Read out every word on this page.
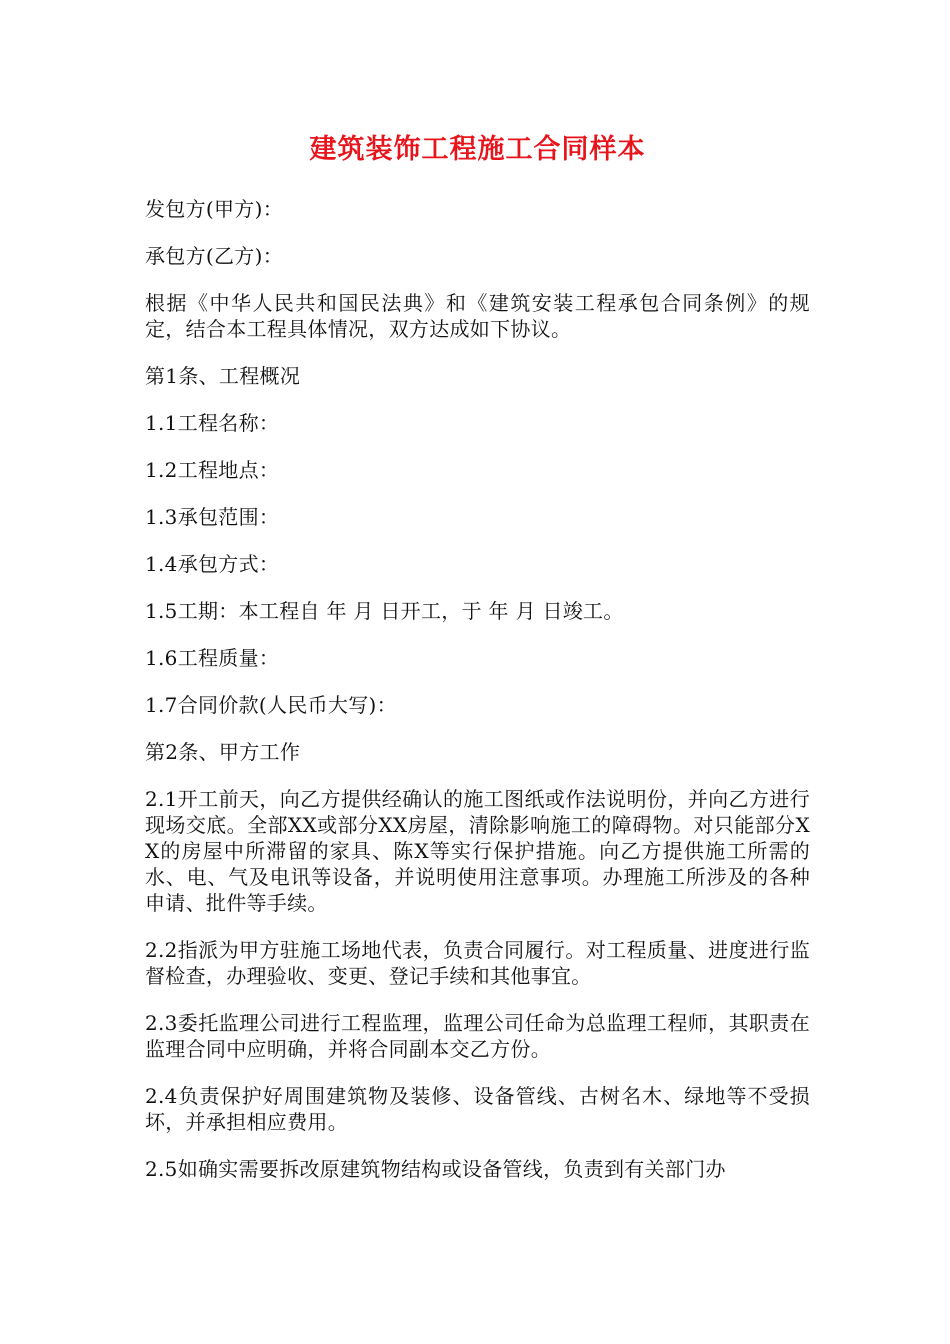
建筑装饰工程施工合同样本

发包方(甲方)：

承包方(乙方)：

根据《中华人民共和国民法典》和《建筑安装工程承包合同条例》的规定，结合本工程具体情况，双方达成如下协议。

第1条、工程概况

1.1工程名称：

1.2工程地点：

1.3承包范围：

1.4承包方式：

1.5工期：本工程自 年 月 日开工，于 年 月 日竣工。

1.6工程质量：

1.7合同价款(人民币大写)：

第2条、甲方工作

2.1开工前天，向乙方提供经确认的施工图纸或作法说明份，并向乙方进行现场交底。全部XX或部分XX房屋，清除影响施工的障碍物。对只能部分XX的房屋中所滞留的家具、陈X等实行保护措施。向乙方提供施工所需的水、电、气及电讯等设备，并说明使用注意事项。办理施工所涉及的各种申请、批件等手续。

2.2指派为甲方驻施工场地代表，负责合同履行。对工程质量、进度进行监督检查，办理验收、变更、登记手续和其他事宜。

2.3委托监理公司进行工程监理，监理公司任命为总监理工程师，其职责在监理合同中应明确，并将合同副本交乙方份。

2.4负责保护好周围建筑物及装修、设备管线、古树名木、绿地等不受损坏，并承担相应费用。

2.5如确实需要拆改原建筑物结构或设备管线，负责到有关部门办
